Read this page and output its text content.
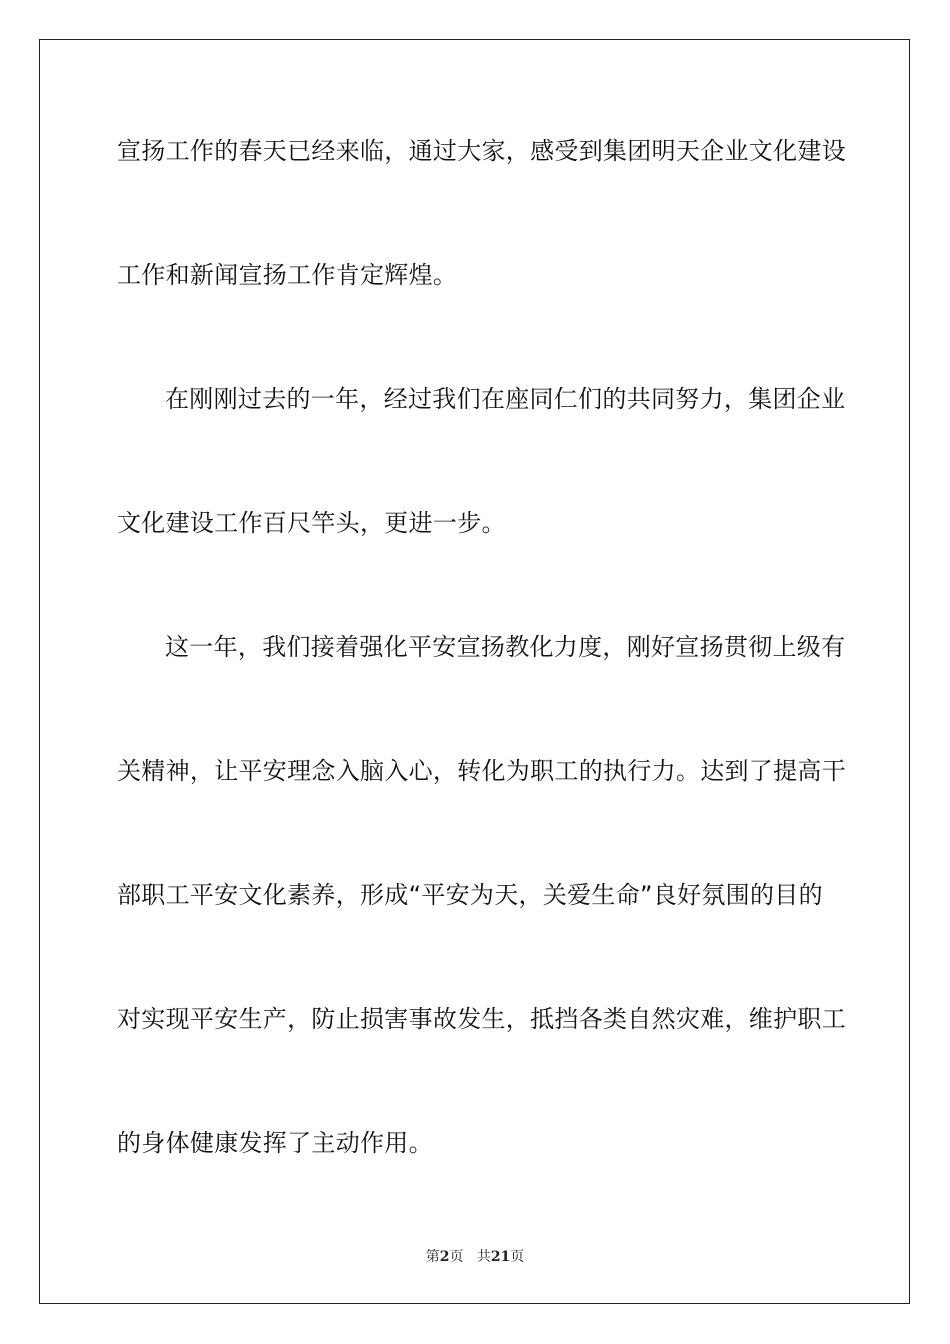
宣扬工作的春天已经来临，通过大家，感受到集团明天企业文化建设
工作和新闻宣扬工作肯定辉煌。
在刚刚过去的一年，经过我们在座同仁们的共同努力，集团企业
文化建设工作百尺竿头，更进一步。
这一年，我们接着强化平安宣扬教化力度，刚好宣扬贯彻上级有
关精神，让平安理念入脑入心，转化为职工的执行力。达到了提高干
部职工平安文化素养，形成“平安为天，关爱生命”良好氛围的目的
对实现平安生产，防止损害事故发生，抵挡各类自然灾难，维护职工
的身体健康发挥了主动作用。
第2页 共21页
